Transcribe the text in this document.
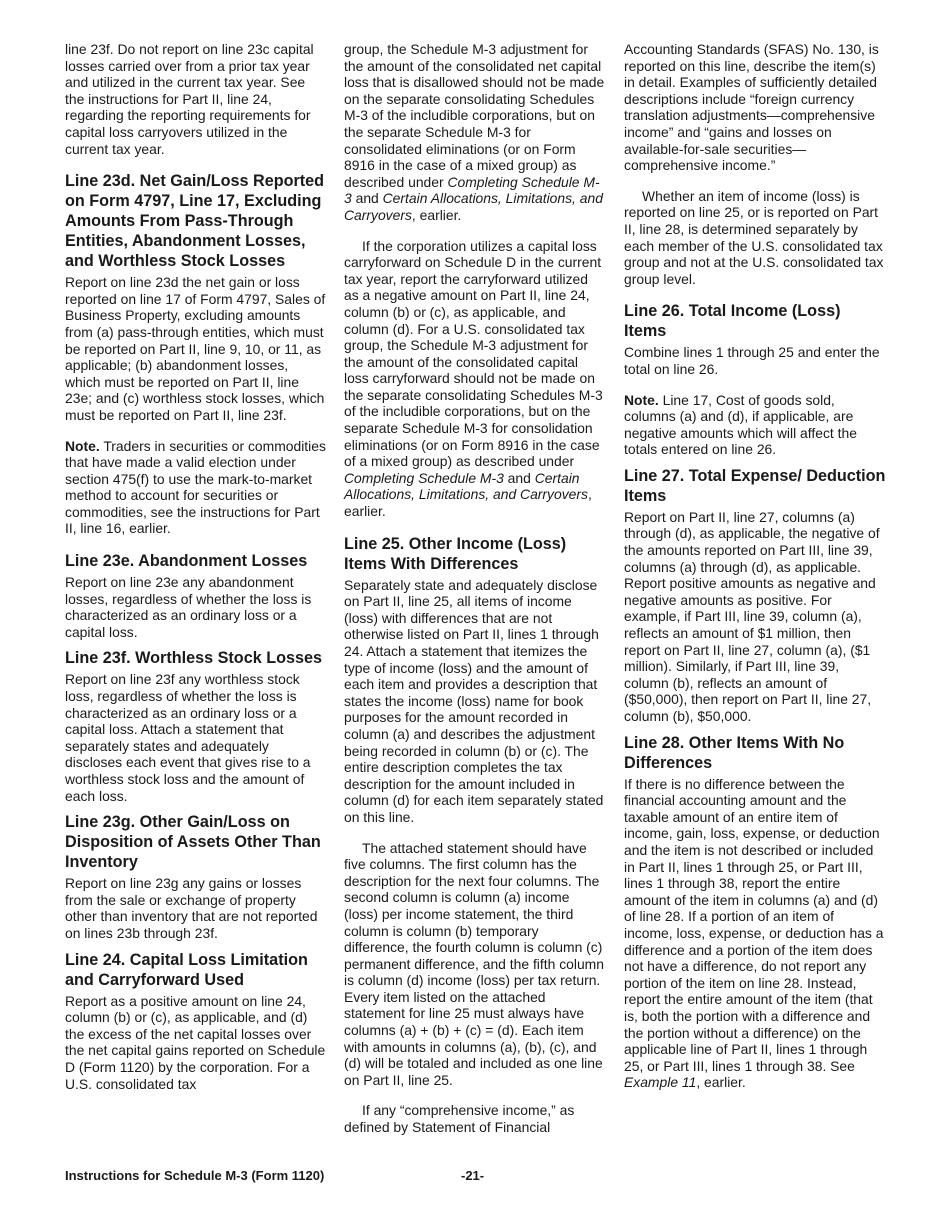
line 23f. Do not report on line 23c capital losses carried over from a prior tax year and utilized in the current tax year. See the instructions for Part II, line 24, regarding the reporting requirements for capital loss carryovers utilized in the current tax year.

Line 23d. Net Gain/Loss Reported on Form 4797, Line 17, Excluding Amounts From Pass-Through Entities, Abandonment Losses, and Worthless Stock Losses

Report on line 23d the net gain or loss reported on line 17 of Form 4797, Sales of Business Property, excluding amounts from (a) pass-through entities, which must be reported on Part II, line 9, 10, or 11, as applicable; (b) abandonment losses, which must be reported on Part II, line 23e; and (c) worthless stock losses, which must be reported on Part II, line 23f.

Note. Traders in securities or commodities that have made a valid election under section 475(f) to use the mark-to-market method to account for securities or commodities, see the instructions for Part II, line 16, earlier.

Line 23e. Abandonment Losses

Report on line 23e any abandonment losses, regardless of whether the loss is characterized as an ordinary loss or a capital loss.

Line 23f. Worthless Stock Losses

Report on line 23f any worthless stock loss, regardless of whether the loss is characterized as an ordinary loss or a capital loss. Attach a statement that separately states and adequately discloses each event that gives rise to a worthless stock loss and the amount of each loss.

Line 23g. Other Gain/Loss on Disposition of Assets Other Than Inventory

Report on line 23g any gains or losses from the sale or exchange of property other than inventory that are not reported on lines 23b through 23f.

Line 24. Capital Loss Limitation and Carryforward Used

Report as a positive amount on line 24, column (b) or (c), as applicable, and (d) the excess of the net capital losses over the net capital gains reported on Schedule D (Form 1120) by the corporation. For a U.S. consolidated tax

group, the Schedule M-3 adjustment for the amount of the consolidated net capital loss that is disallowed should not be made on the separate consolidating Schedules M-3 of the includible corporations, but on the separate Schedule M-3 for consolidated eliminations (or on Form 8916 in the case of a mixed group) as described under Completing Schedule M-3 and Certain Allocations, Limitations, and Carryovers, earlier.

If the corporation utilizes a capital loss carryforward on Schedule D in the current tax year, report the carryforward utilized as a negative amount on Part II, line 24, column (b) or (c), as applicable, and column (d). For a U.S. consolidated tax group, the Schedule M-3 adjustment for the amount of the consolidated capital loss carryforward should not be made on the separate consolidating Schedules M-3 of the includible corporations, but on the separate Schedule M-3 for consolidation eliminations (or on Form 8916 in the case of a mixed group) as described under Completing Schedule M-3 and Certain Allocations, Limitations, and Carryovers, earlier.

Line 25. Other Income (Loss) Items With Differences

Separately state and adequately disclose on Part II, line 25, all items of income (loss) with differences that are not otherwise listed on Part II, lines 1 through 24. Attach a statement that itemizes the type of income (loss) and the amount of each item and provides a description that states the income (loss) name for book purposes for the amount recorded in column (a) and describes the adjustment being recorded in column (b) or (c). The entire description completes the tax description for the amount included in column (d) for each item separately stated on this line.

The attached statement should have five columns. The first column has the description for the next four columns. The second column is column (a) income (loss) per income statement, the third column is column (b) temporary difference, the fourth column is column (c) permanent difference, and the fifth column is column (d) income (loss) per tax return. Every item listed on the attached statement for line 25 must always have columns (a) + (b) + (c) = (d). Each item with amounts in columns (a), (b), (c), and (d) will be totaled and included as one line on Part II, line 25.

If any “comprehensive income,” as defined by Statement of Financial

Accounting Standards (SFAS) No. 130, is reported on this line, describe the item(s) in detail. Examples of sufficiently detailed descriptions include “foreign currency translation adjustments—comprehensive income” and “gains and losses on available-for-sale securities—comprehensive income.”

Whether an item of income (loss) is reported on line 25, or is reported on Part II, line 28, is determined separately by each member of the U.S. consolidated tax group and not at the U.S. consolidated tax group level.

Line 26. Total Income (Loss) Items

Combine lines 1 through 25 and enter the total on line 26.

Note. Line 17, Cost of goods sold, columns (a) and (d), if applicable, are negative amounts which will affect the totals entered on line 26.

Line 27. Total Expense/ Deduction Items

Report on Part II, line 27, columns (a) through (d), as applicable, the negative of the amounts reported on Part III, line 39, columns (a) through (d), as applicable. Report positive amounts as negative and negative amounts as positive. For example, if Part III, line 39, column (a), reflects an amount of $1 million, then report on Part II, line 27, column (a), ($1 million). Similarly, if Part III, line 39, column (b), reflects an amount of ($50,000), then report on Part II, line 27, column (b), $50,000.

Line 28. Other Items With No Differences

If there is no difference between the financial accounting amount and the taxable amount of an entire item of income, gain, loss, expense, or deduction and the item is not described or included in Part II, lines 1 through 25, or Part III, lines 1 through 38, report the entire amount of the item in columns (a) and (d) of line 28. If a portion of an item of income, loss, expense, or deduction has a difference and a portion of the item does not have a difference, do not report any portion of the item on line 28. Instead, report the entire amount of the item (that is, both the portion with a difference and the portion without a difference) on the applicable line of Part II, lines 1 through 25, or Part III, lines 1 through 38. See Example 11, earlier.

Instructions for Schedule M-3 (Form 1120)	-21-
